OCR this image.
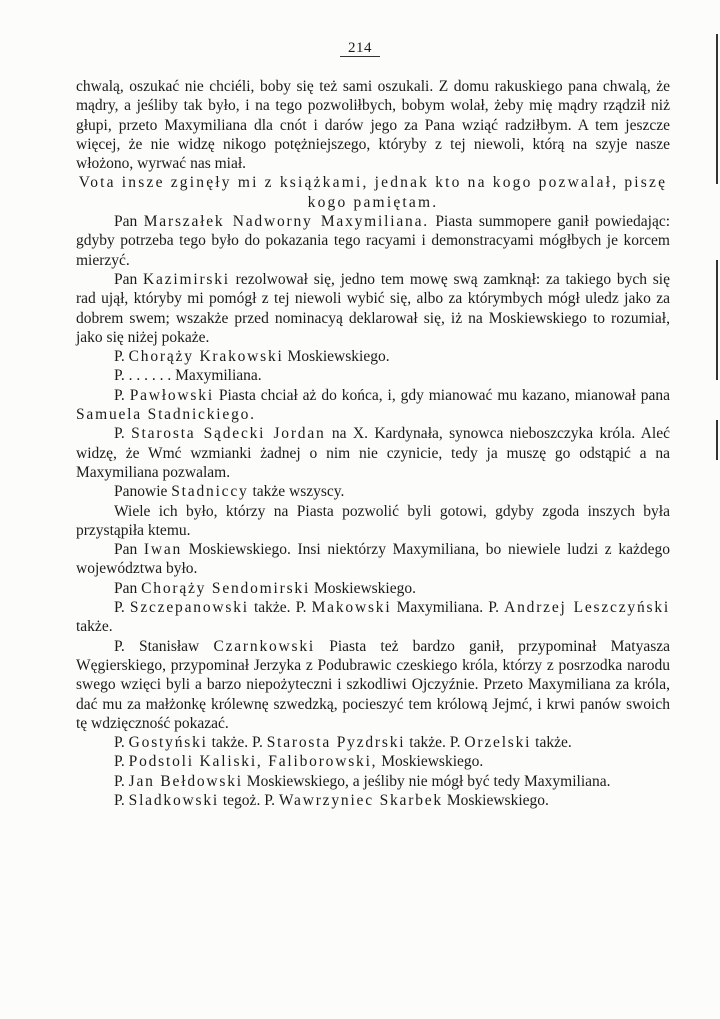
214

chwalą, oszukać nie chciéli, boby się też sami oszukali. Z domu rakuskiego pana chwalą, że mądry, a jeśliby tak było, i na tego pozwoliłbych, bobym wolał, żeby mię mądry rządził niż głupi, przeto Maxymiliana dla cnót i darów jego za Pana wziąć radziłbym. A tem jeszcze więcej, że nie widzę nikogo potężniejszego, któryby z tej niewoli, którą na szyje nasze włożono, wyrwać nas miał.

Vota insze zginęły mi z książkami, jednak kto na kogo pozwalał, piszę kogo pamiętam.

Pan Marszałek Nadworny Maxymiliana. Piasta summopere ganił powiedając: gdyby potrzeba tego było do pokazania tego racyami i demonstracyami mógłbych je korcem mierzyć.

Pan Kazimirski rezolwował się, jedno tem mowę swą zamknął: za takiego bych się rad ujął, któryby mi pomógł z tej niewoli wybić się, albo za którymbych mógł uledz jako za dobrem swem; wszakże przed nominacyą deklarował się, iż na Moskiewskiego to rozumiał, jako się niżej pokaże.

P. Chorąży Krakowski Moskiewskiego.

P. . . . . . . Maxymiliana.

P. Pawłowski Piasta chciał aż do końca, i, gdy mianować mu kazano, mianował pana Samuela Stadnickiego.

P. Starosta Sądecki Jordan na X. Kardynała, synowca nieboszczyka króla. Aleć widzę, że Wmć wzmianki żadnej o nim nie czynicie, tedy ja muszę go odstąpić a na Maxymiliana pozwalam.

Panowie Stadniccy także wszyscy.

Wiele ich było, którzy na Piasta pozwolić byli gotowi, gdyby zgoda inszych była przystąpiła ktemu.

Pan Iwan Moskiewskiego. Insi niektórzy Maxymiliana, bo niewiele ludzi z każdego województwa było.

Pan Chorąży Sendomirski Moskiewskiego.

P. Szczepanowski także. P. Makowski Maxymiliana. P. Andrzej Leszczyński także.

P. Stanisław Czarnkowski Piasta też bardzo ganił, przypominał Matyasza Węgierskiego, przypominał Jerzyka z Podubrawic czeskiego króla, którzy z posrzodka narodu swego wzięci byli a barzo niepożyteczni i szkodliwi Ojczyźnie. Przeto Maxymiliana za króla, dać mu za małżonkę królewnę szwedzką, pocieszyć tem królową Jejmć, i krwi panów swoich tę wdzięczność pokazać.

P. Gostyński także. P. Starosta Pyzdrski także. P. Orzelski także.

P. Podstoli Kaliski, Faliborowski, Moskiewskiego.

P. Jan Bełdowski Moskiewskiego, a jeśliby nie mógł być tedy Maxymiliana.

P. Sladkowski tegoż. P. Wawrzyniec Skarbek Moskiewskiego.
